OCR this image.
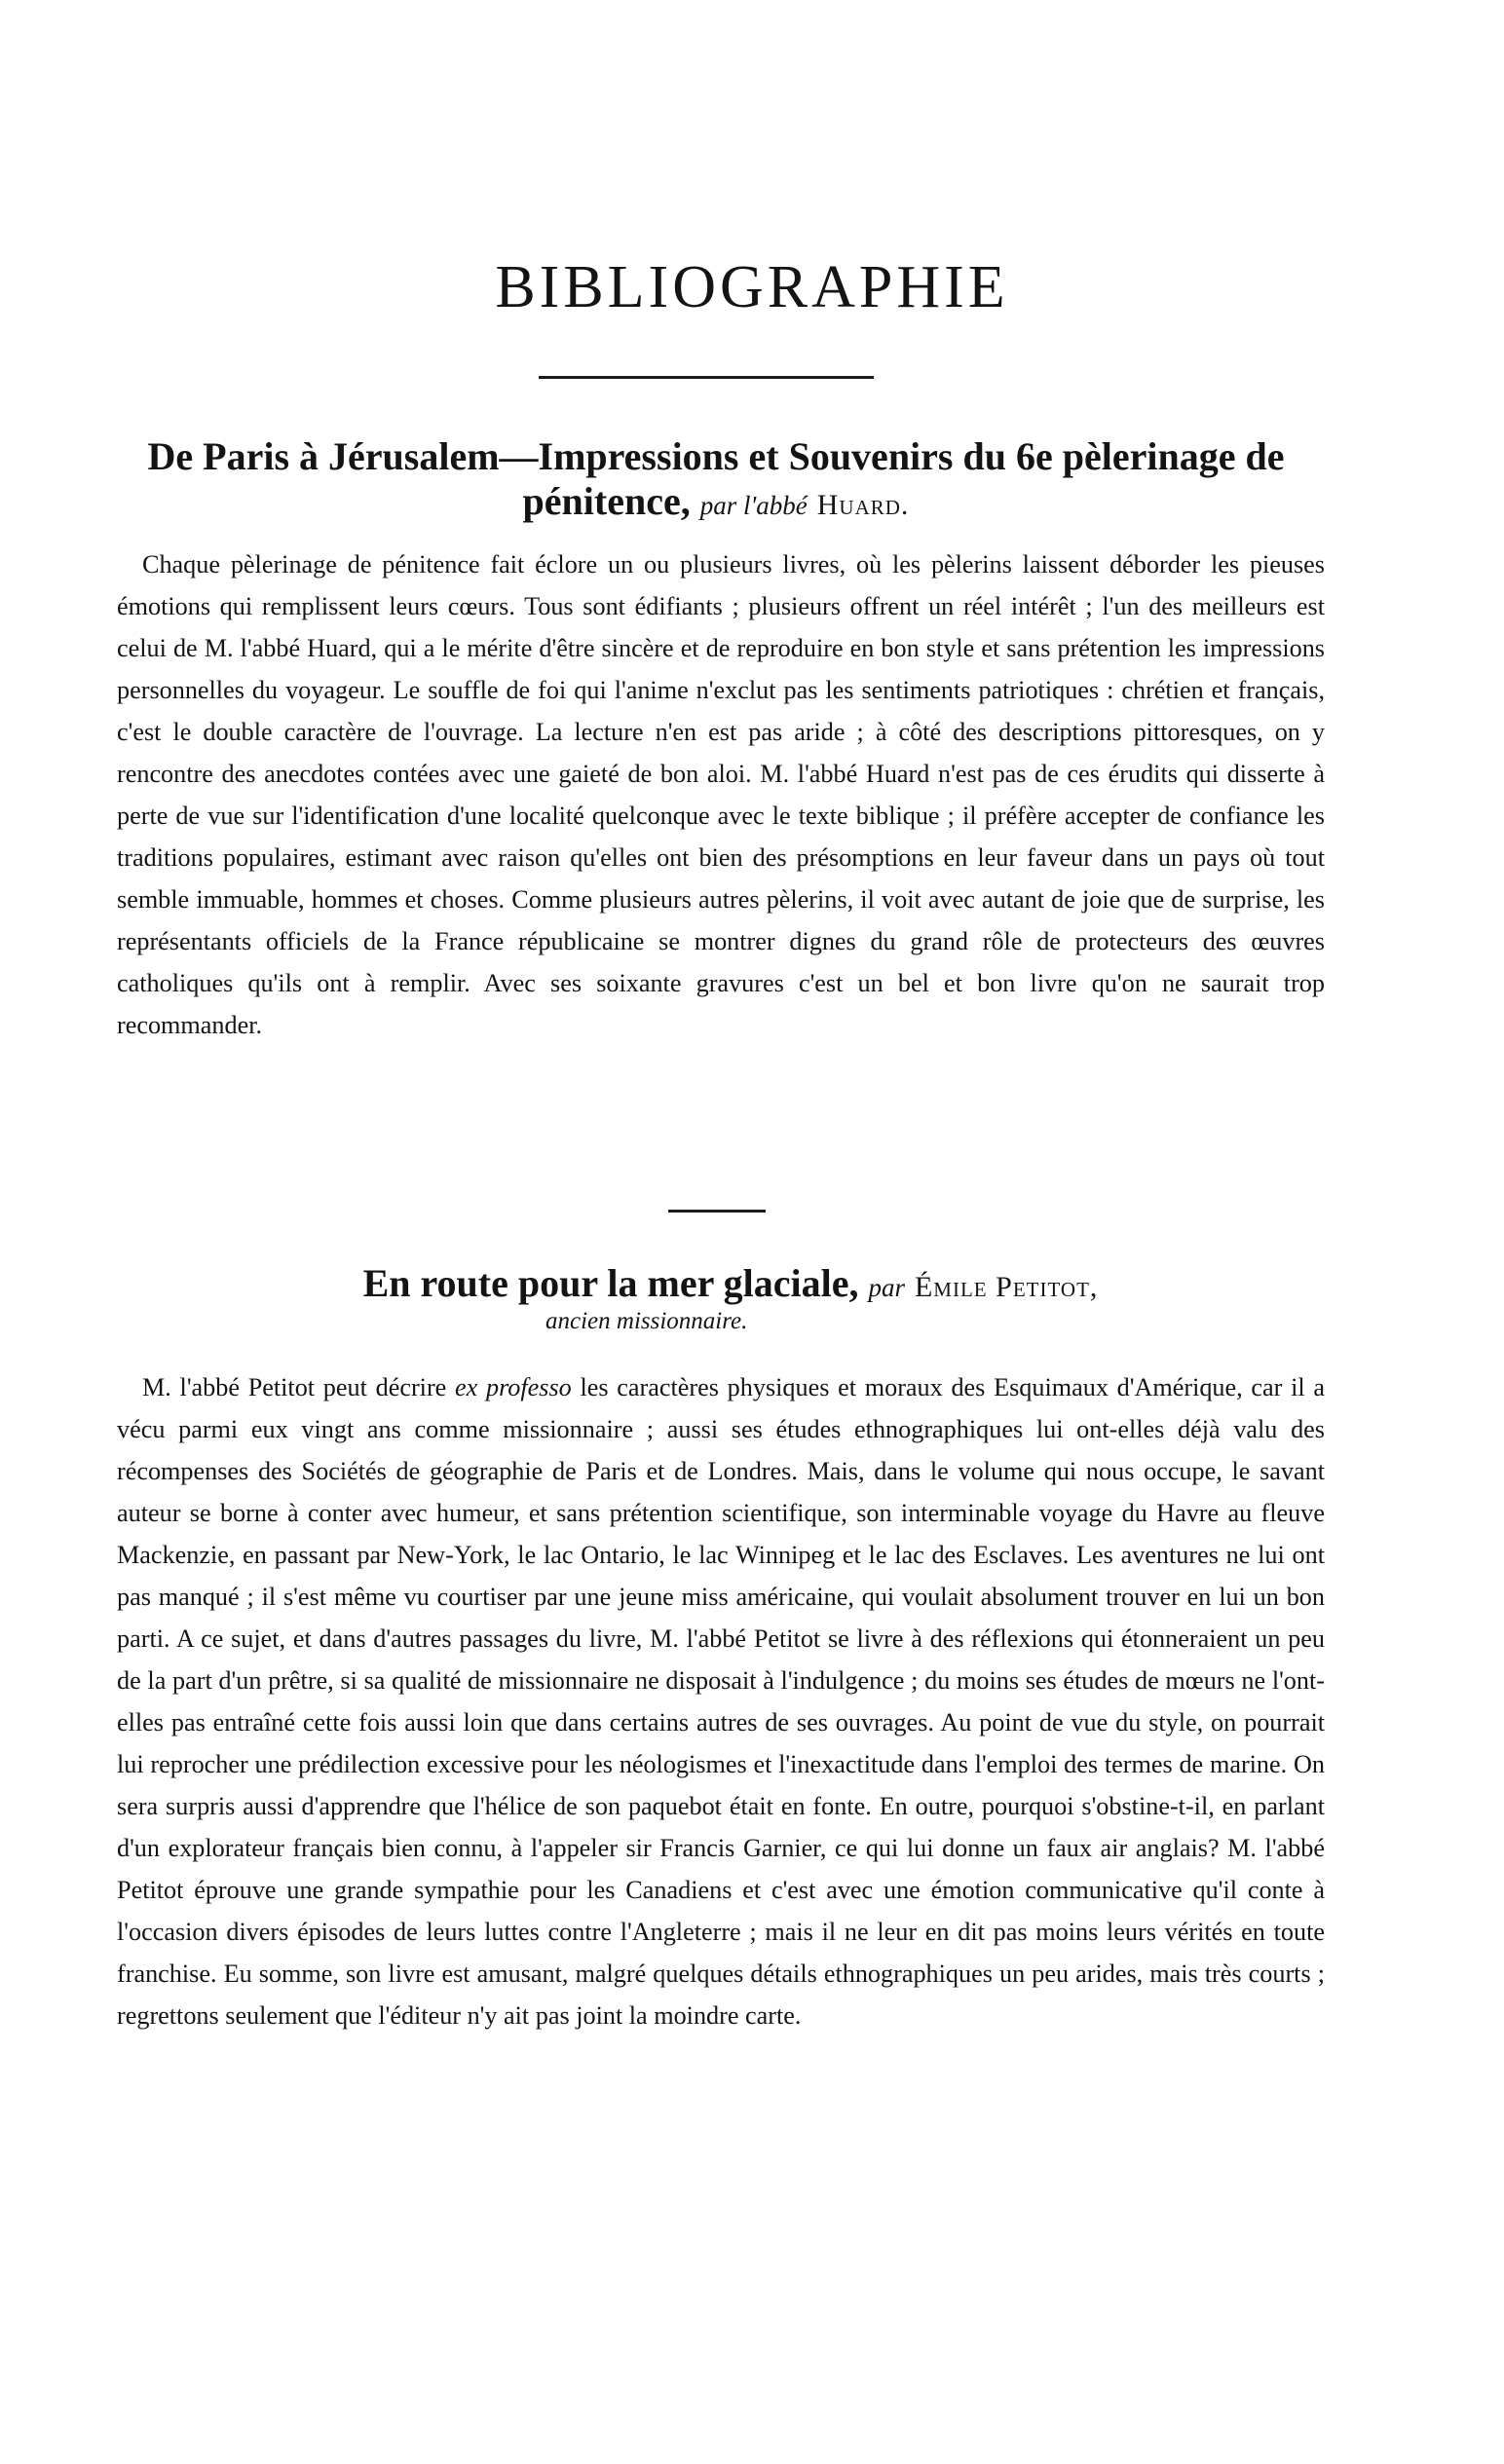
BIBLIOGRAPHIE
De Paris à Jérusalem—Impressions et Souvenirs du 6e pèlerinage de pénitence, par l'abbé Huard.

Chaque pèlerinage de pénitence fait éclore un ou plusieurs livres, où les pèlerins laissent déborder les pieuses émotions qui remplissent leurs cœurs. Tous sont édifiants ; plusieurs offrent un réel intérêt ; l'un des meilleurs est celui de M. l'abbé Huard, qui a le mérite d'être sincère et de reproduire en bon style et sans prétention les impressions personnelles du voyageur. Le souffle de foi qui l'anime n'exclut pas les sentiments patriotiques : chrétien et français, c'est le double caractère de l'ouvrage. La lecture n'en est pas aride ; à côté des descriptions pittoresques, on y rencontre des anecdotes contées avec une gaieté de bon aloi. M. l'abbé Huard n'est pas de ces érudits qui disserte à perte de vue sur l'identification d'une localité quelconque avec le texte biblique ; il préfère accepter de confiance les traditions populaires, estimant avec raison qu'elles ont bien des présomptions en leur faveur dans un pays où tout semble immuable, hommes et choses. Comme plusieurs autres pèlerins, il voit avec autant de joie que de surprise, les représentants officiels de la France républicaine se montrer dignes du grand rôle de protecteurs des œuvres catholiques qu'ils ont à remplir. Avec ses soixante gravures c'est un bel et bon livre qu'on ne saurait trop recommander.

En route pour la mer glaciale, par Émile Petitot,

ancien missionnaire.

M. l'abbé Petitot peut décrire ex professo les caractères physiques et moraux des Esquimaux d'Amérique, car il a vécu parmi eux vingt ans comme missionnaire ; aussi ses études ethnographiques lui ont-elles déjà valu des récompenses des Sociétés de géographie de Paris et de Londres. Mais, dans le volume qui nous occupe, le savant auteur se borne à conter avec humeur, et sans prétention scientifique, son interminable voyage du Havre au fleuve Mackenzie, en passant par New-York, le lac Ontario, le lac Winnipeg et le lac des Esclaves. Les aventures ne lui ont pas manqué ; il s'est même vu courtiser par une jeune miss américaine, qui voulait absolument trouver en lui un bon parti. A ce sujet, et dans d'autres passages du livre, M. l'abbé Petitot se livre à des réflexions qui étonneraient un peu de la part d'un prêtre, si sa qualité de missionnaire ne disposait à l'indulgence ; du moins ses études de mœurs ne l'ont-elles pas entraîné cette fois aussi loin que dans certains autres de ses ouvrages. Au point de vue du style, on pourrait lui reprocher une prédilection excessive pour les néologismes et l'inexactitude dans l'emploi des termes de marine. On sera surpris aussi d'apprendre que l'hélice de son paquebot était en fonte. En outre, pourquoi s'obstine-t-il, en parlant d'un explorateur français bien connu, à l'appeler sir Francis Garnier, ce qui lui donne un faux air anglais? M. l'abbé Petitot éprouve une grande sympathie pour les Canadiens et c'est avec une émotion communicative qu'il conte à l'occasion divers épisodes de leurs luttes contre l'Angleterre ; mais il ne leur en dit pas moins leurs vérités en toute franchise. Eu somme, son livre est amusant, malgré quelques détails ethnographiques un peu arides, mais très courts ; regrettons seulement que l'éditeur n'y ait pas joint la moindre carte.
